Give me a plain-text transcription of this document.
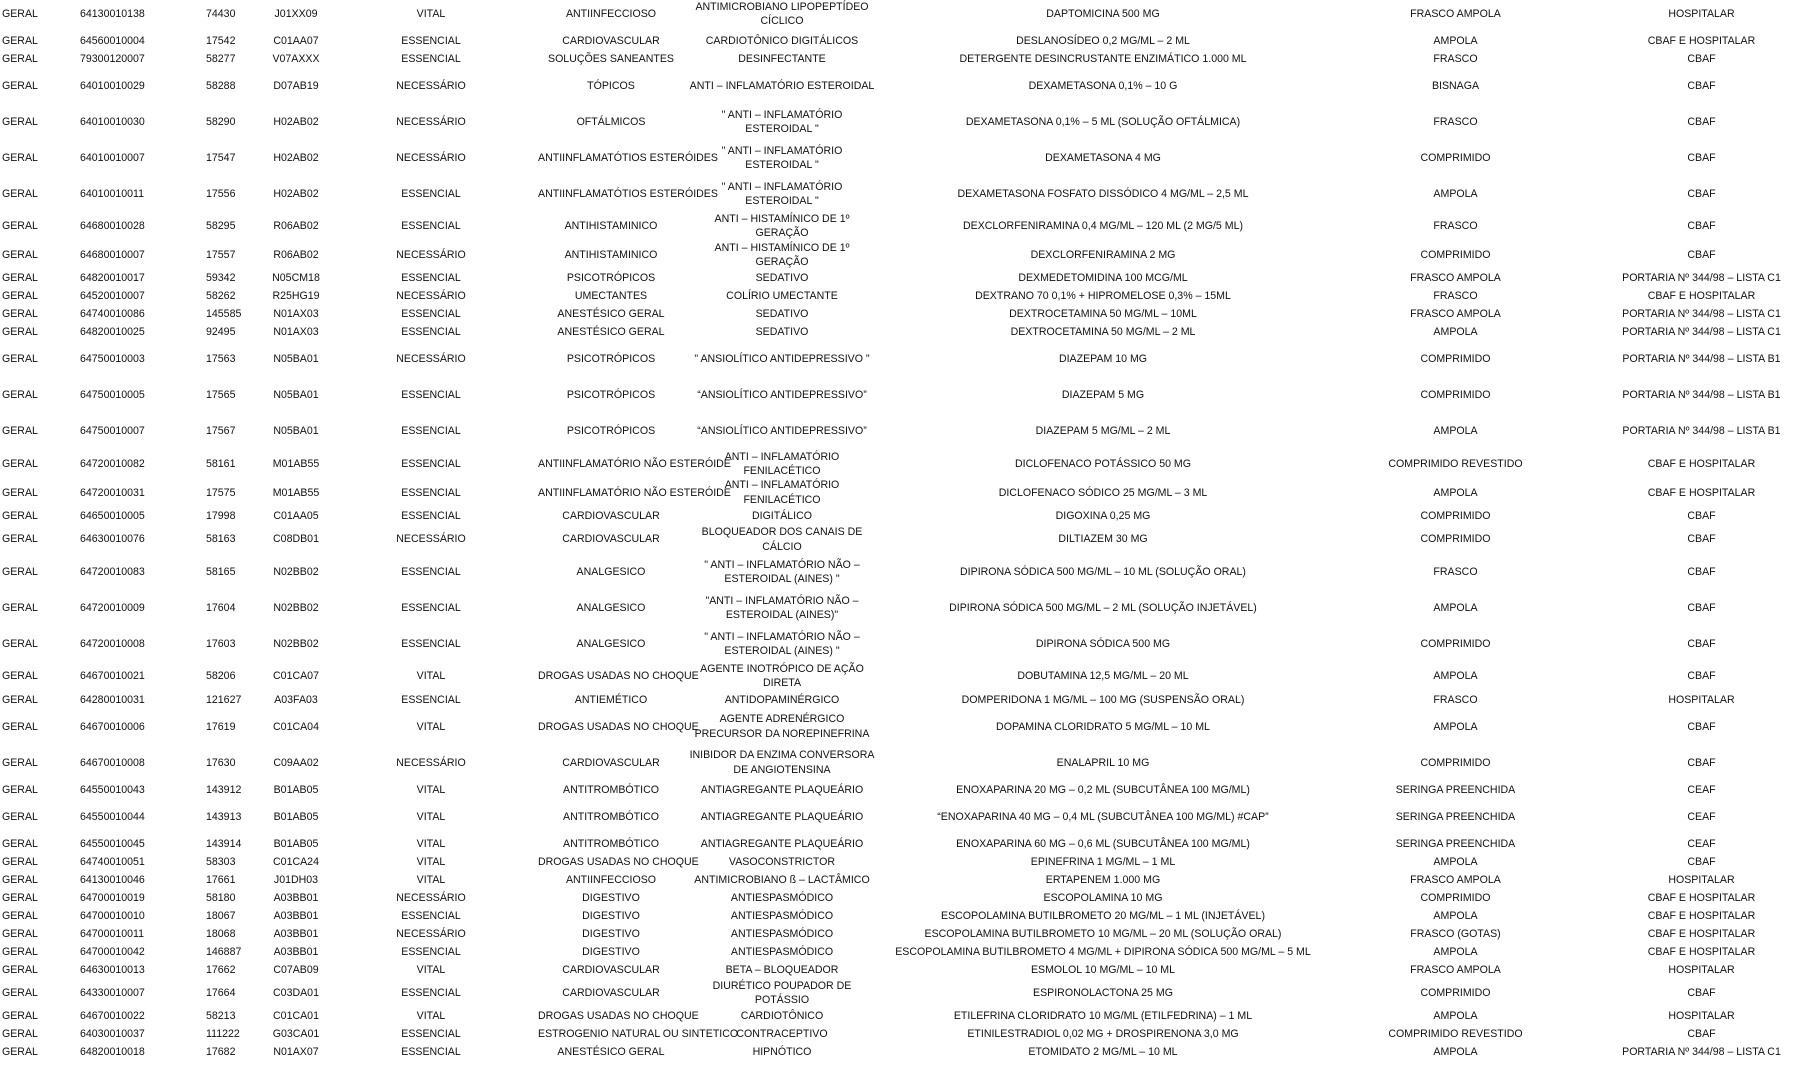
GERAL	64130010138	74430	J01XX09	VITAL	ANTIINFECCIOSO	ANTIMICROBIANO LIPOPEPTÍDEO CÍCLICO	DAPTOMICINA 500 MG	FRASCO AMPOLA	HOSPITALAR
GERAL	64560010004	17542	C01AA07	ESSENCIAL	CARDIOVASCULAR	CARDIOTÔNICO DIGITÁLICOS	DESLANOSÍDEO 0,2 MG/ML – 2 ML	AMPOLA	CBAF E HOSPITALAR
GERAL	79300120007	58277	V07AXXX	ESSENCIAL	SOLUÇÕES SANEANTES	DESINFECTANTE	DETERGENTE DESINCRUSTANTE ENZIMÁTICO 1.000 ML	FRASCO	CBAF
GERAL	64010010029	58288	D07AB19	NECESSÁRIO	TÓPICOS	ANTI – INFLAMATÓRIO ESTEROIDAL	DEXAMETASONA 0,1% – 10 G	BISNAGA	CBAF
GERAL	64010010030	58290	H02AB02	NECESSÁRIO	OFTÁLMICOS	" ANTI – INFLAMATÓRIO ESTEROIDAL "	DEXAMETASONA 0,1% – 5 ML (SOLUÇÃO OFTÁLMICA)	FRASCO	CBAF
GERAL	64010010007	17547	H02AB02	NECESSÁRIO	ANTIINFLAMATÓTIOS ESTERÓIDES	" ANTI – INFLAMATÓRIO ESTEROIDAL "	DEXAMETASONA 4 MG	COMPRIMIDO	CBAF
GERAL	64010010011	17556	H02AB02	ESSENCIAL	ANTIINFLAMATÓTIOS ESTERÓIDES	" ANTI – INFLAMATÓRIO ESTEROIDAL "	DEXAMETASONA FOSFATO DISSÓDICO 4 MG/ML – 2,5 ML	AMPOLA	CBAF
GERAL	64680010028	58295	R06AB02	ESSENCIAL	ANTIHISTAMINICO	ANTI – HISTAMÍNICO DE 1º GERAÇÃO	DEXCLORFENIRAMINA 0,4 MG/ML – 120 ML (2 MG/5 ML)	FRASCO	CBAF
GERAL	64680010007	17557	R06AB02	NECESSÁRIO	ANTIHISTAMINICO	ANTI – HISTAMÍNICO DE 1º GERAÇÃO	DEXCLORFENIRAMINA 2 MG	COMPRIMIDO	CBAF
GERAL	64820010017	59342	N05CM18	ESSENCIAL	PSICOTRÓPICOS	SEDATIVO	DEXMEDETOMIDINA 100 MCG/ML	FRASCO AMPOLA	PORTARIA Nº 344/98 – LISTA C1
GERAL	64520010007	58262	R25HG19	NECESSÁRIO	UMECTANTES	COLÍRIO UMECTANTE	DEXTRANO 70 0,1% + HIPROMELOSE 0,3% – 15ML	FRASCO	CBAF E HOSPITALAR
GERAL	64740010086	145585	N01AX03	ESSENCIAL	ANESTÉSICO GERAL	SEDATIVO	DEXTROCETAMINA 50 MG/ML – 10ML	FRASCO AMPOLA	PORTARIA Nº 344/98 – LISTA C1
GERAL	64820010025	92495	N01AX03	ESSENCIAL	ANESTÉSICO GERAL	SEDATIVO	DEXTROCETAMINA 50 MG/ML – 2 ML	AMPOLA	PORTARIA Nº 344/98 – LISTA C1
GERAL	64750010003	17563	N05BA01	NECESSÁRIO	PSICOTRÓPICOS	" ANSIOLÍTICO ANTIDEPRESSIVO "	DIAZEPAM 10 MG	COMPRIMIDO	PORTARIA Nº 344/98 – LISTA B1
GERAL	64750010005	17565	N05BA01	ESSENCIAL	PSICOTRÓPICOS	“ANSIOLÍTICO ANTIDEPRESSIVO”	DIAZEPAM 5 MG	COMPRIMIDO	PORTARIA Nº 344/98 – LISTA B1
GERAL	64750010007	17567	N05BA01	ESSENCIAL	PSICOTRÓPICOS	“ANSIOLÍTICO ANTIDEPRESSIVO”	DIAZEPAM 5 MG/ML – 2 ML	AMPOLA	PORTARIA Nº 344/98 – LISTA B1
GERAL	64720010082	58161	M01AB55	ESSENCIAL	ANTIINFLAMATÓRIO NÃO ESTERÓIDE	ANTI – INFLAMATÓRIO FENILACÉTICO	DICLOFENACO POTÁSSICO 50 MG	COMPRIMIDO REVESTIDO	CBAF E HOSPITALAR
GERAL	64720010031	17575	M01AB55	ESSENCIAL	ANTIINFLAMATÓRIO NÃO ESTERÓIDE	ANTI – INFLAMATÓRIO FENILACÉTICO	DICLOFENACO SÓDICO 25 MG/ML – 3 ML	AMPOLA	CBAF E HOSPITALAR
GERAL	64650010005	17998	C01AA05	ESSENCIAL	CARDIOVASCULAR	DIGITÁLICO	DIGOXINA 0,25 MG	COMPRIMIDO	CBAF
GERAL	64630010076	58163	C08DB01	NECESSÁRIO	CARDIOVASCULAR	BLOQUEADOR DOS CANAIS DE CÁLCIO	DILTIAZEM 30 MG	COMPRIMIDO	CBAF
GERAL	64720010083	58165	N02BB02	ESSENCIAL	ANALGESICO	" ANTI – INFLAMATÓRIO NÃO – ESTEROIDAL (AINES) "	DIPIRONA SÓDICA 500 MG/ML – 10 ML (SOLUÇÃO ORAL)	FRASCO	CBAF
GERAL	64720010009	17604	N02BB02	ESSENCIAL	ANALGESICO	"ANTI – INFLAMATÓRIO NÃO – ESTEROIDAL (AINES)"	DIPIRONA SÓDICA 500 MG/ML – 2 ML (SOLUÇÃO INJETÁVEL)	AMPOLA	CBAF
GERAL	64720010008	17603	N02BB02	ESSENCIAL	ANALGESICO	" ANTI – INFLAMATÓRIO NÃO – ESTEROIDAL (AINES) "	DIPIRONA SÓDICA 500 MG	COMPRIMIDO	CBAF
GERAL	64670010021	58206	C01CA07	VITAL	DROGAS USADAS NO CHOQUE	AGENTE INOTRÓPICO DE AÇÃO DIRETA	DOBUTAMINA 12,5 MG/ML – 20 ML	AMPOLA	CBAF
GERAL	64280010031	121627	A03FA03	ESSENCIAL	ANTIEMÉTICO	ANTIDOPAMINÉRGICO	DOMPERIDONA 1 MG/ML – 100 MG (SUSPENSÃO ORAL)	FRASCO	HOSPITALAR
GERAL	64670010006	17619	C01CA04	VITAL	DROGAS USADAS NO CHOQUE	AGENTE ADRENÉRGICO PRECURSOR DA NOREPINEFRINA	DOPAMINA CLORIDRATO 5 MG/ML – 10 ML	AMPOLA	CBAF
GERAL	64670010008	17630	C09AA02	NECESSÁRIO	CARDIOVASCULAR	INIBIDOR DA ENZIMA CONVERSORA DE ANGIOTENSINA	ENALAPRIL 10 MG	COMPRIMIDO	CBAF
GERAL	64550010043	143912	B01AB05	VITAL	ANTITROMBÓTICO	ANTIAGREGANTE PLAQUEÁRIO	ENOXAPARINA 20 MG – 0,2 ML (SUBCUTÂNEA 100 MG/ML)	SERINGA PREENCHIDA	CEAF
GERAL	64550010044	143913	B01AB05	VITAL	ANTITROMBÓTICO	ANTIAGREGANTE PLAQUEÁRIO	“ENOXAPARINA 40 MG – 0,4 ML (SUBCUTÂNEA 100 MG/ML) #CAP”	SERINGA PREENCHIDA	CEAF
GERAL	64550010045	143914	B01AB05	VITAL	ANTITROMBÓTICO	ANTIAGREGANTE PLAQUEÁRIO	ENOXAPARINA 60 MG – 0,6 ML (SUBCUTÂNEA 100 MG/ML)	SERINGA PREENCHIDA	CEAF
GERAL	64740010051	58303	C01CA24	VITAL	DROGAS USADAS NO CHOQUE	VASOCONSTRICTOR	EPINEFRINA 1 MG/ML – 1 ML	AMPOLA	CBAF
GERAL	64130010046	17661	J01DH03	VITAL	ANTIINFECCIOSO	ANTIMICROBIANO ß – LACTÂMICO	ERTAPENEM 1.000 MG	FRASCO AMPOLA	HOSPITALAR
GERAL	64700010019	58180	A03BB01	NECESSÁRIO	DIGESTIVO	ANTIESPASMÓDICO	ESCOPOLAMINA 10 MG	COMPRIMIDO	CBAF E HOSPITALAR
GERAL	64700010010	18067	A03BB01	ESSENCIAL	DIGESTIVO	ANTIESPASMÓDICO	ESCOPOLAMINA BUTILBROMETO 20 MG/ML – 1 ML (INJETÁVEL)	AMPOLA	CBAF E HOSPITALAR
GERAL	64700010011	18068	A03BB01	NECESSÁRIO	DIGESTIVO	ANTIESPASMÓDICO	ESCOPOLAMINA BUTILBROMETO 10 MG/ML – 20 ML (SOLUÇÃO ORAL)	FRASCO (GOTAS)	CBAF E HOSPITALAR
GERAL	64700010042	146887	A03BB01	ESSENCIAL	DIGESTIVO	ANTIESPASMÓDICO	ESCOPOLAMINA BUTILBROMETO 4 MG/ML + DIPIRONA SÓDICA 500 MG/ML – 5 ML	AMPOLA	CBAF E HOSPITALAR
GERAL	64630010013	17662	C07AB09	VITAL	CARDIOVASCULAR	BETA – BLOQUEADOR	ESMOLOL 10 MG/ML – 10 ML	FRASCO AMPOLA	HOSPITALAR
GERAL	64330010007	17664	C03DA01	ESSENCIAL	CARDIOVASCULAR	DIURÉTICO POUPADOR DE POTÁSSIO	ESPIRONOLACTONA 25 MG	COMPRIMIDO	CBAF
GERAL	64670010022	58213	C01CA01	VITAL	DROGAS USADAS NO CHOQUE	CARDIOTÔNICO	ETILEFRINA CLORIDRATO 10 MG/ML (ETILFEDRINA) – 1 ML	AMPOLA	HOSPITALAR
GERAL	64030010037	111222	G03CA01	ESSENCIAL	ESTROGENIO NATURAL OU SINTETICO	CONTRACEPTIVO	ETINILESTRADIOL 0,02 MG + DROSPIRENONA 3,0 MG	COMPRIMIDO REVESTIDO	CBAF
GERAL	64820010018	17682	N01AX07	ESSENCIAL	ANESTÉSICO GERAL	HIPNÓTICO	ETOMIDATO 2 MG/ML – 10 ML	AMPOLA	PORTARIA Nº 344/98 – LISTA C1
